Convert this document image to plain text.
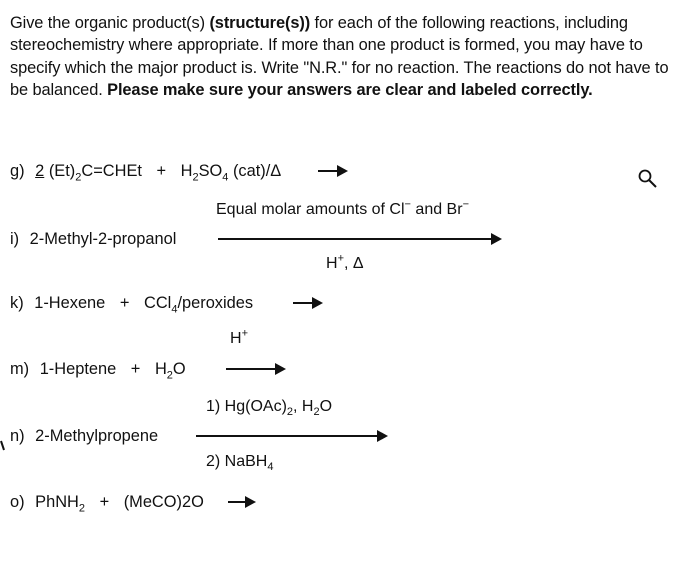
Give the organic product(s) (structure(s)) for each of the following reactions, including stereochemistry where appropriate. If more than one product is formed, you may have to specify which the major product is. Write "N.R." for no reaction. The reactions do not have to be balanced. Please make sure your answers are clear and labeled correctly.
g) 2 $(Et)_2C=CHEt + H_2SO_4$ (cat)/Δ
Equal molar amounts of Cl− and Br−
i) 2-Methyl-2-propanol
H+, Δ
k) 1-Hexene + CCl$_4$/peroxides
H+
m) 1-Heptene + $H_2O$
1) $Hg(OAc)_2$, $H_2O$
n) 2-Methylpropene
2) NaBH$_4$
o) PhNH$_2$ + (MeCO)2O
